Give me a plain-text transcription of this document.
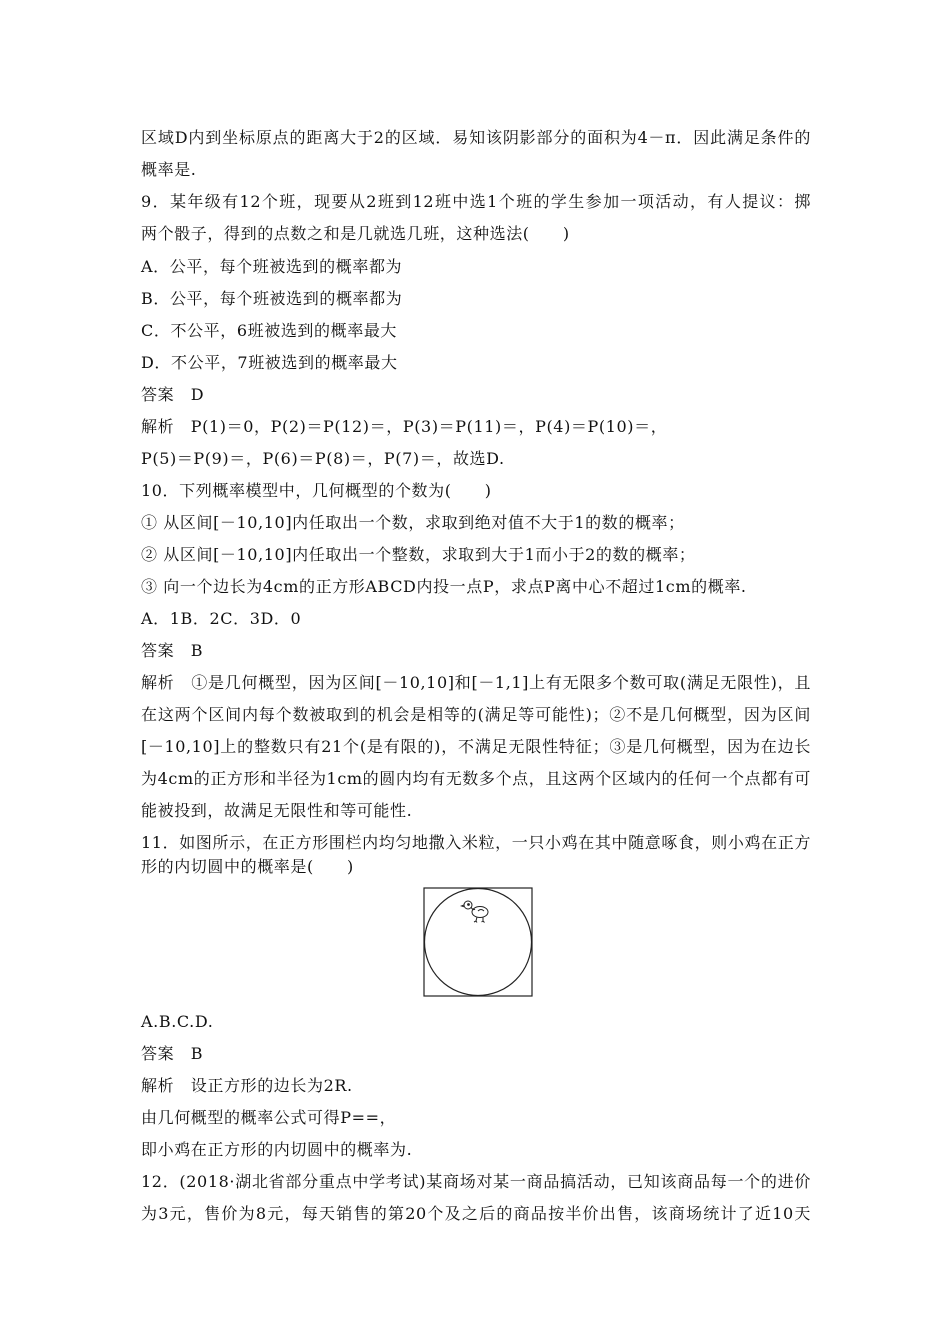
区域D内到坐标原点的距离大于2的区域．易知该阴影部分的面积为4－π．因此满足条件的
概率是.
9．某年级有12个班，现要从2班到12班中选1个班的学生参加一项活动，有人提议：掷
两个骰子，得到的点数之和是几就选几班，这种选法(　　)
A．公平，每个班被选到的概率都为
B．公平，每个班被选到的概率都为
C．不公平，6班被选到的概率最大
D．不公平，7班被选到的概率最大
答案　D
解析　P(1)＝0，P(2)＝P(12)＝，P(3)＝P(11)＝，P(4)＝P(10)＝，
P(5)＝P(9)＝，P(6)＝P(8)＝，P(7)＝，故选D.
10．下列概率模型中，几何概型的个数为(　　)
① 从区间[－10,10]内任取出一个数，求取到绝对值不大于1的数的概率；
② 从区间[－10,10]内任取出一个整数，求取到大于1而小于2的数的概率；
③ 向一个边长为4cm的正方形ABCD内投一点P，求点P离中心不超过1cm的概率.
A．1B．2C．3D．0
答案　B
解析　①是几何概型，因为区间[－10,10]和[－1,1]上有无限多个数可取(满足无限性)，且
在这两个区间内每个数被取到的机会是相等的(满足等可能性)；②不是几何概型，因为区间
[－10,10]上的整数只有21个(是有限的)，不满足无限性特征；③是几何概型，因为在边长
为4cm的正方形和半径为1cm的圆内均有无数多个点，且这两个区域内的任何一个点都有可
能被投到，故满足无限性和等可能性.
11．如图所示，在正方形围栏内均匀地撒入米粒，一只小鸡在其中随意啄食，则小鸡在正方
形的内切圆中的概率是(　　)
A.B.C.D.
答案　B
解析　设正方形的边长为2R.
由几何概型的概率公式可得P==，
即小鸡在正方形的内切圆中的概率为.
12．(2018·湖北省部分重点中学考试)某商场对某一商品搞活动，已知该商品每一个的进价
为3元，售价为8元，每天销售的第20个及之后的商品按半价出售，该商场统计了近10天
